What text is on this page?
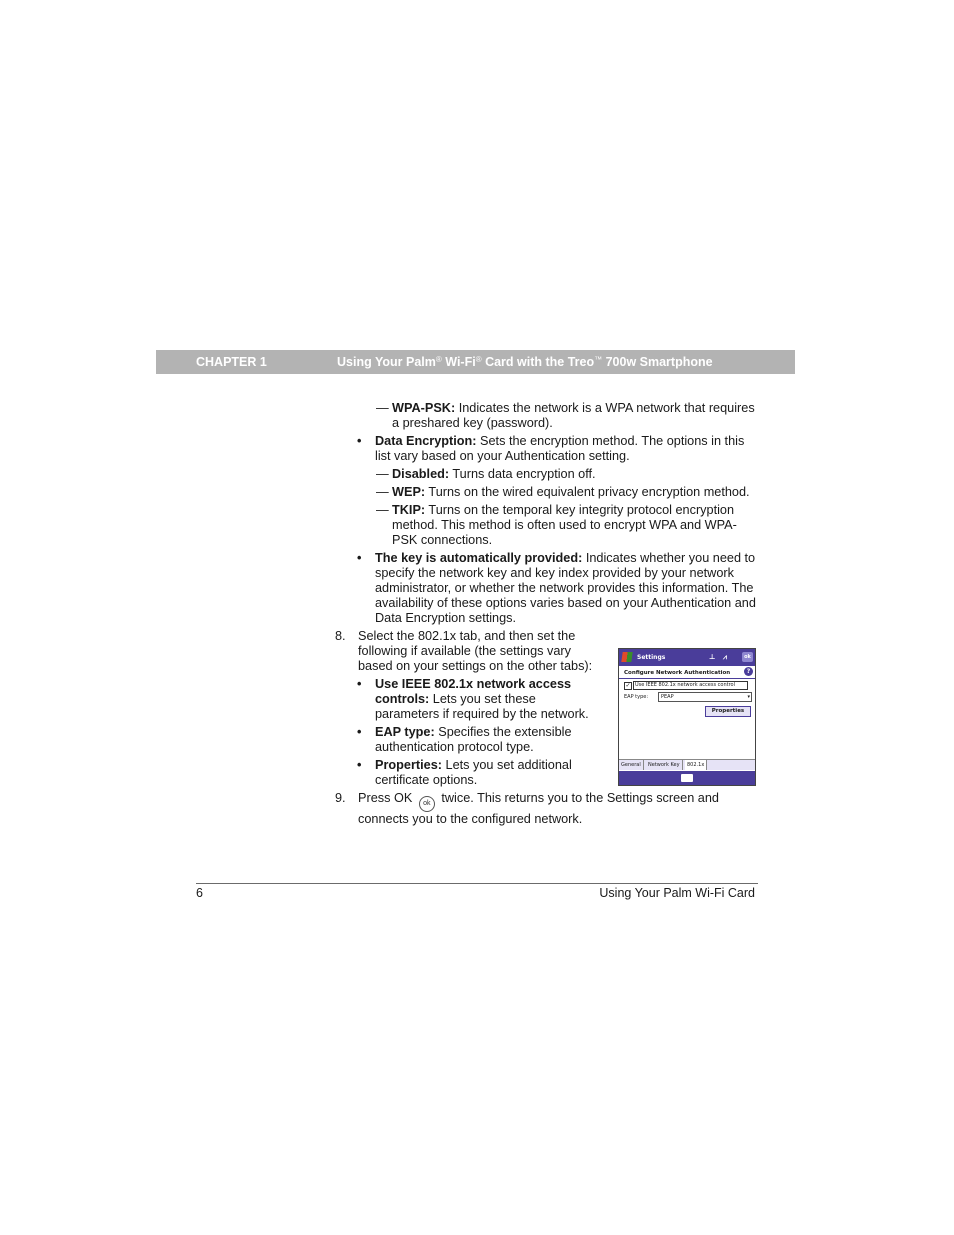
CHAPTER 1	Using Your Palm® Wi-Fi® Card with the Treo™ 700w Smartphone
— WPA-PSK: Indicates the network is a WPA network that requires a preshared key (password).
• Data Encryption: Sets the encryption method. The options in this list vary based on your Authentication setting.
— Disabled: Turns data encryption off.
— WEP: Turns on the wired equivalent privacy encryption method.
— TKIP: Turns on the temporal key integrity protocol encryption method. This method is often used to encrypt WPA and WPA-PSK connections.
• The key is automatically provided: Indicates whether you need to specify the network key and key index provided by your network administrator, or whether the network provides this information. The availability of these options varies based on your Authentication and Data Encryption settings.
8. Select the 802.1x tab, and then set the following if available (the settings vary based on your settings on the other tabs):
• Use IEEE 802.1x network access controls: Lets you set these parameters if required by the network.
• EAP type: Specifies the extensible authentication protocol type.
• Properties: Lets you set additional certificate options.
9. Press OK ok twice. This returns you to the Settings screen and connects you to the configured network.
Settings	⊥ ⩘	ok
Configure Network Authentication	?
✓ Use IEEE 802.1x network access control
EAP type:	PEAP	▾
Properties
General	Network Key	802.1x
6	Using Your Palm Wi-Fi Card
